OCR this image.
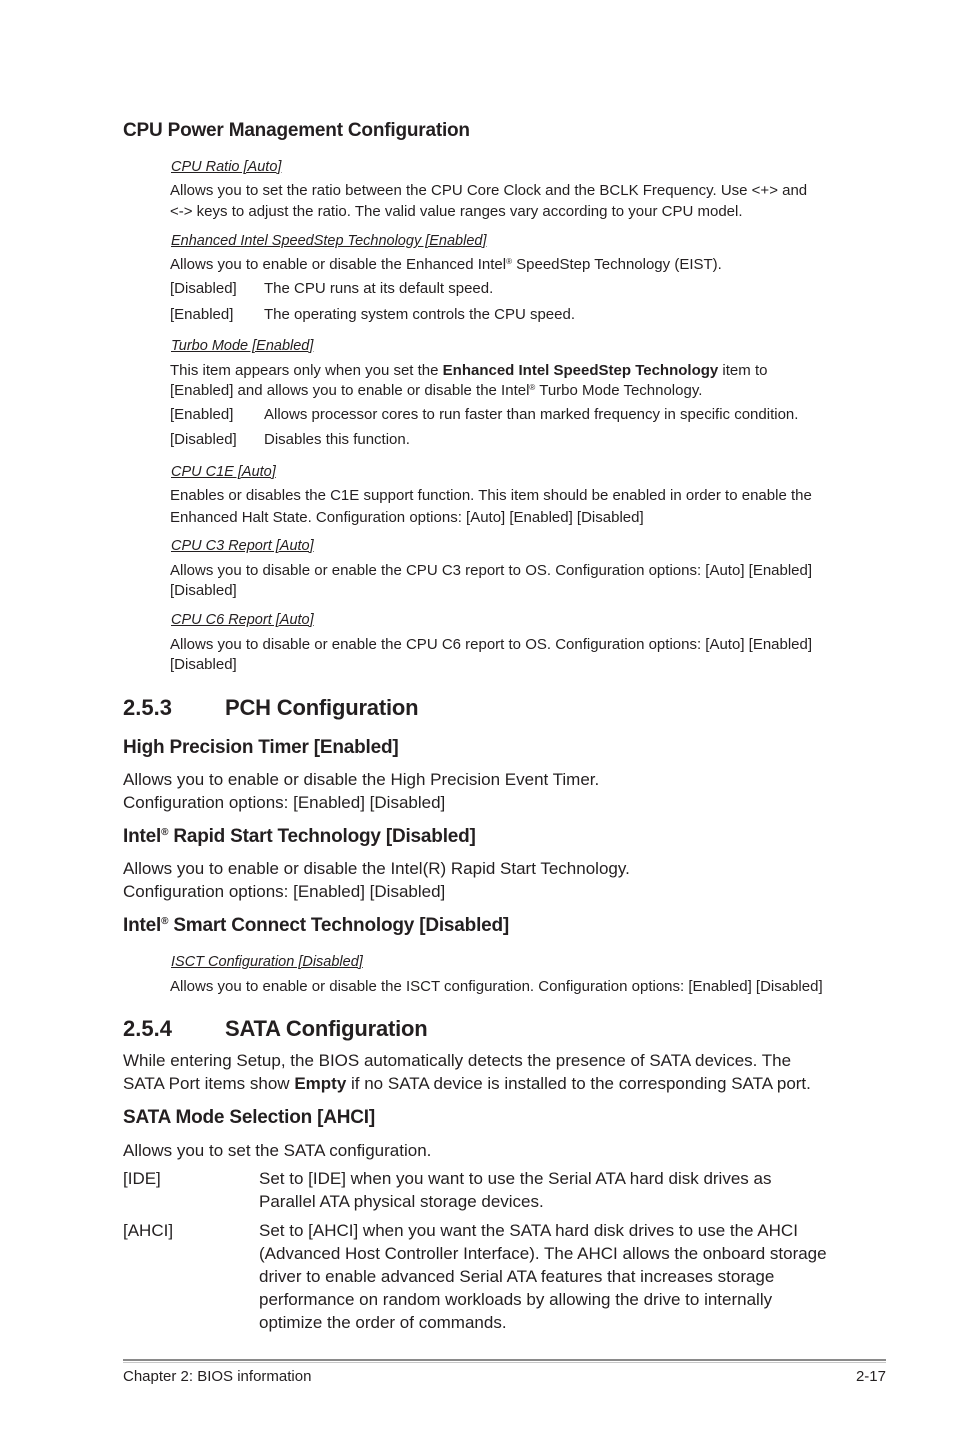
CPU Power Management Configuration
CPU Ratio [Auto]
Allows you to set the ratio between the CPU Core Clock and the BCLK Frequency. Use <+> and
<-> keys to adjust the ratio. The valid value ranges vary according to your CPU model.
Enhanced Intel SpeedStep Technology [Enabled]
Allows you to enable or disable the Enhanced Intel® SpeedStep Technology (EIST).
[Disabled] The CPU runs at its default speed.
[Enabled] The operating system controls the CPU speed.
Turbo Mode [Enabled]
This item appears only when you set the Enhanced Intel SpeedStep Technology item to
[Enabled] and allows you to enable or disable the Intel® Turbo Mode Technology.
[Enabled] Allows processor cores to run faster than marked frequency in specific condition.
[Disabled] Disables this function.
CPU C1E [Auto]
Enables or disables the C1E support function. This item should be enabled in order to enable the
Enhanced Halt State. Configuration options: [Auto] [Enabled] [Disabled]
CPU C3 Report [Auto]
Allows you to disable or enable the CPU C3 report to OS. Configuration options: [Auto] [Enabled]
[Disabled]
CPU C6 Report [Auto]
Allows you to disable or enable the CPU C6 report to OS. Configuration options: [Auto] [Enabled]
[Disabled]
2.5.3 PCH Configuration
High Precision Timer [Enabled]
Allows you to enable or disable the High Precision Event Timer.
Configuration options: [Enabled] [Disabled]
Intel® Rapid Start Technology [Disabled]
Allows you to enable or disable the Intel(R) Rapid Start Technology.
Configuration options: [Enabled] [Disabled]
Intel® Smart Connect Technology [Disabled]
ISCT Configuration [Disabled]
Allows you to enable or disable the ISCT configuration. Configuration options: [Enabled] [Disabled]
2.5.4 SATA Configuration
While entering Setup, the BIOS automatically detects the presence of SATA devices. The
SATA Port items show Empty if no SATA device is installed to the corresponding SATA port.
SATA Mode Selection [AHCI]
Allows you to set the SATA configuration.
[IDE]	Set to [IDE] when you want to use the Serial ATA hard disk drives as
Parallel ATA physical storage devices.
[AHCI]	Set to [AHCI] when you want the SATA hard disk drives to use the AHCI
(Advanced Host Controller Interface). The AHCI allows the onboard storage
driver to enable advanced Serial ATA features that increases storage
performance on random workloads by allowing the drive to internally
optimize the order of commands.
Chapter 2: BIOS information	2-17
